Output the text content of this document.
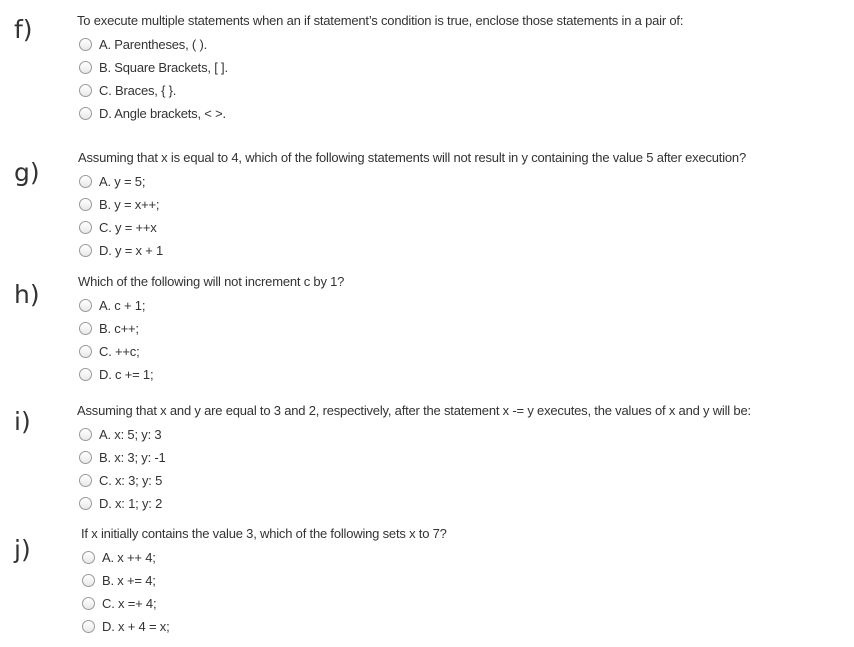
f)	To execute multiple statements when an if statement’s condition is true, enclose those statements in a pair of:
A. Parentheses, ( ).
B. Square Brackets, [ ].
C. Braces, { }.
D. Angle brackets, < >.
g)
Assuming that x is equal to 4, which of the following statements will not result in y containing the value 5 after execution?
A. y = 5;
B. y = x++;
C. y = ++x
D. y = x + 1
h)	Which of the following will not increment c by 1?
A. c + 1;
B. c++;
C. ++c;
D. c += 1;
i)	Assuming that x and y are equal to 3 and 2, respectively, after the statement x -= y executes, the values of x and y will be:
A. x: 5; y: 3
B. x: 3; y: -1
C. x: 3; y: 5
D. x: 1; y: 2
j)
If x initially contains the value 3, which of the following sets x to 7?
A. x ++ 4;
B. x += 4;
C. x =+ 4;
D. x + 4 = x;
